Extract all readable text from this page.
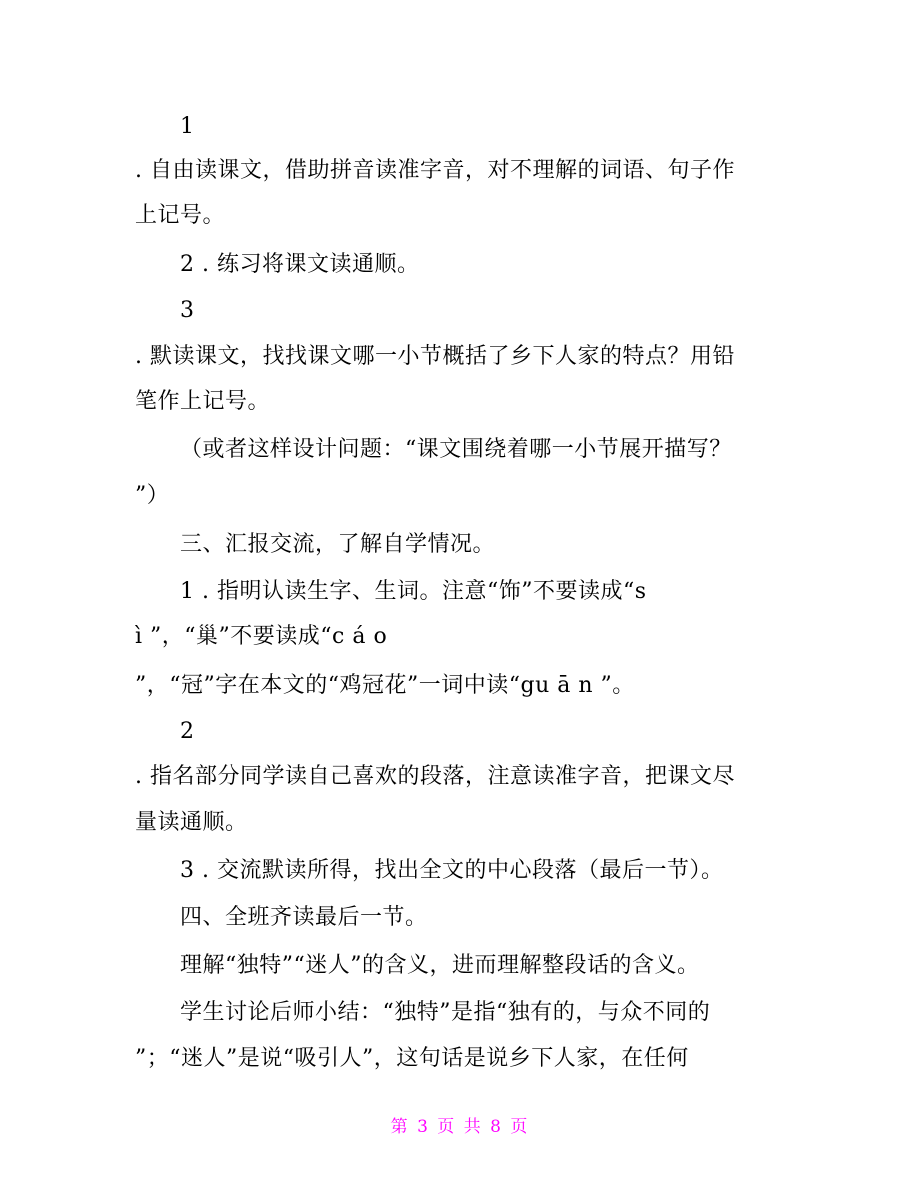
1
. 自由读课文，借助拼音读准字音，对不理解的词语、句子作
上记号。
2 . 练习将课文读通顺。
3
. 默读课文，找找课文哪一小节概括了乡下人家的特点？用铅
笔作上记号。
（或者这样设计问题：“课文围绕着哪一小节展开描写？
”）
三、汇报交流，了解自学情况。
1 . 指明认读生字、生词。注意“饰”不要读成“s
ì ”，“巢”不要读成“c á o
”，“冠”字在本文的“鸡冠花”一词中读“gu ā n ”。
2
. 指名部分同学读自己喜欢的段落，注意读准字音，把课文尽
量读通顺。
3 . 交流默读所得，找出全文的中心段落（最后一节）。
四、全班齐读最后一节。
理解“独特”“迷人”的含义，进而理解整段话的含义。
学生讨论后师小结：“独特”是指“独有的，与众不同的
”；“迷人”是说“吸引人”，这句话是说乡下人家，在任何
第 3 页 共 8 页
